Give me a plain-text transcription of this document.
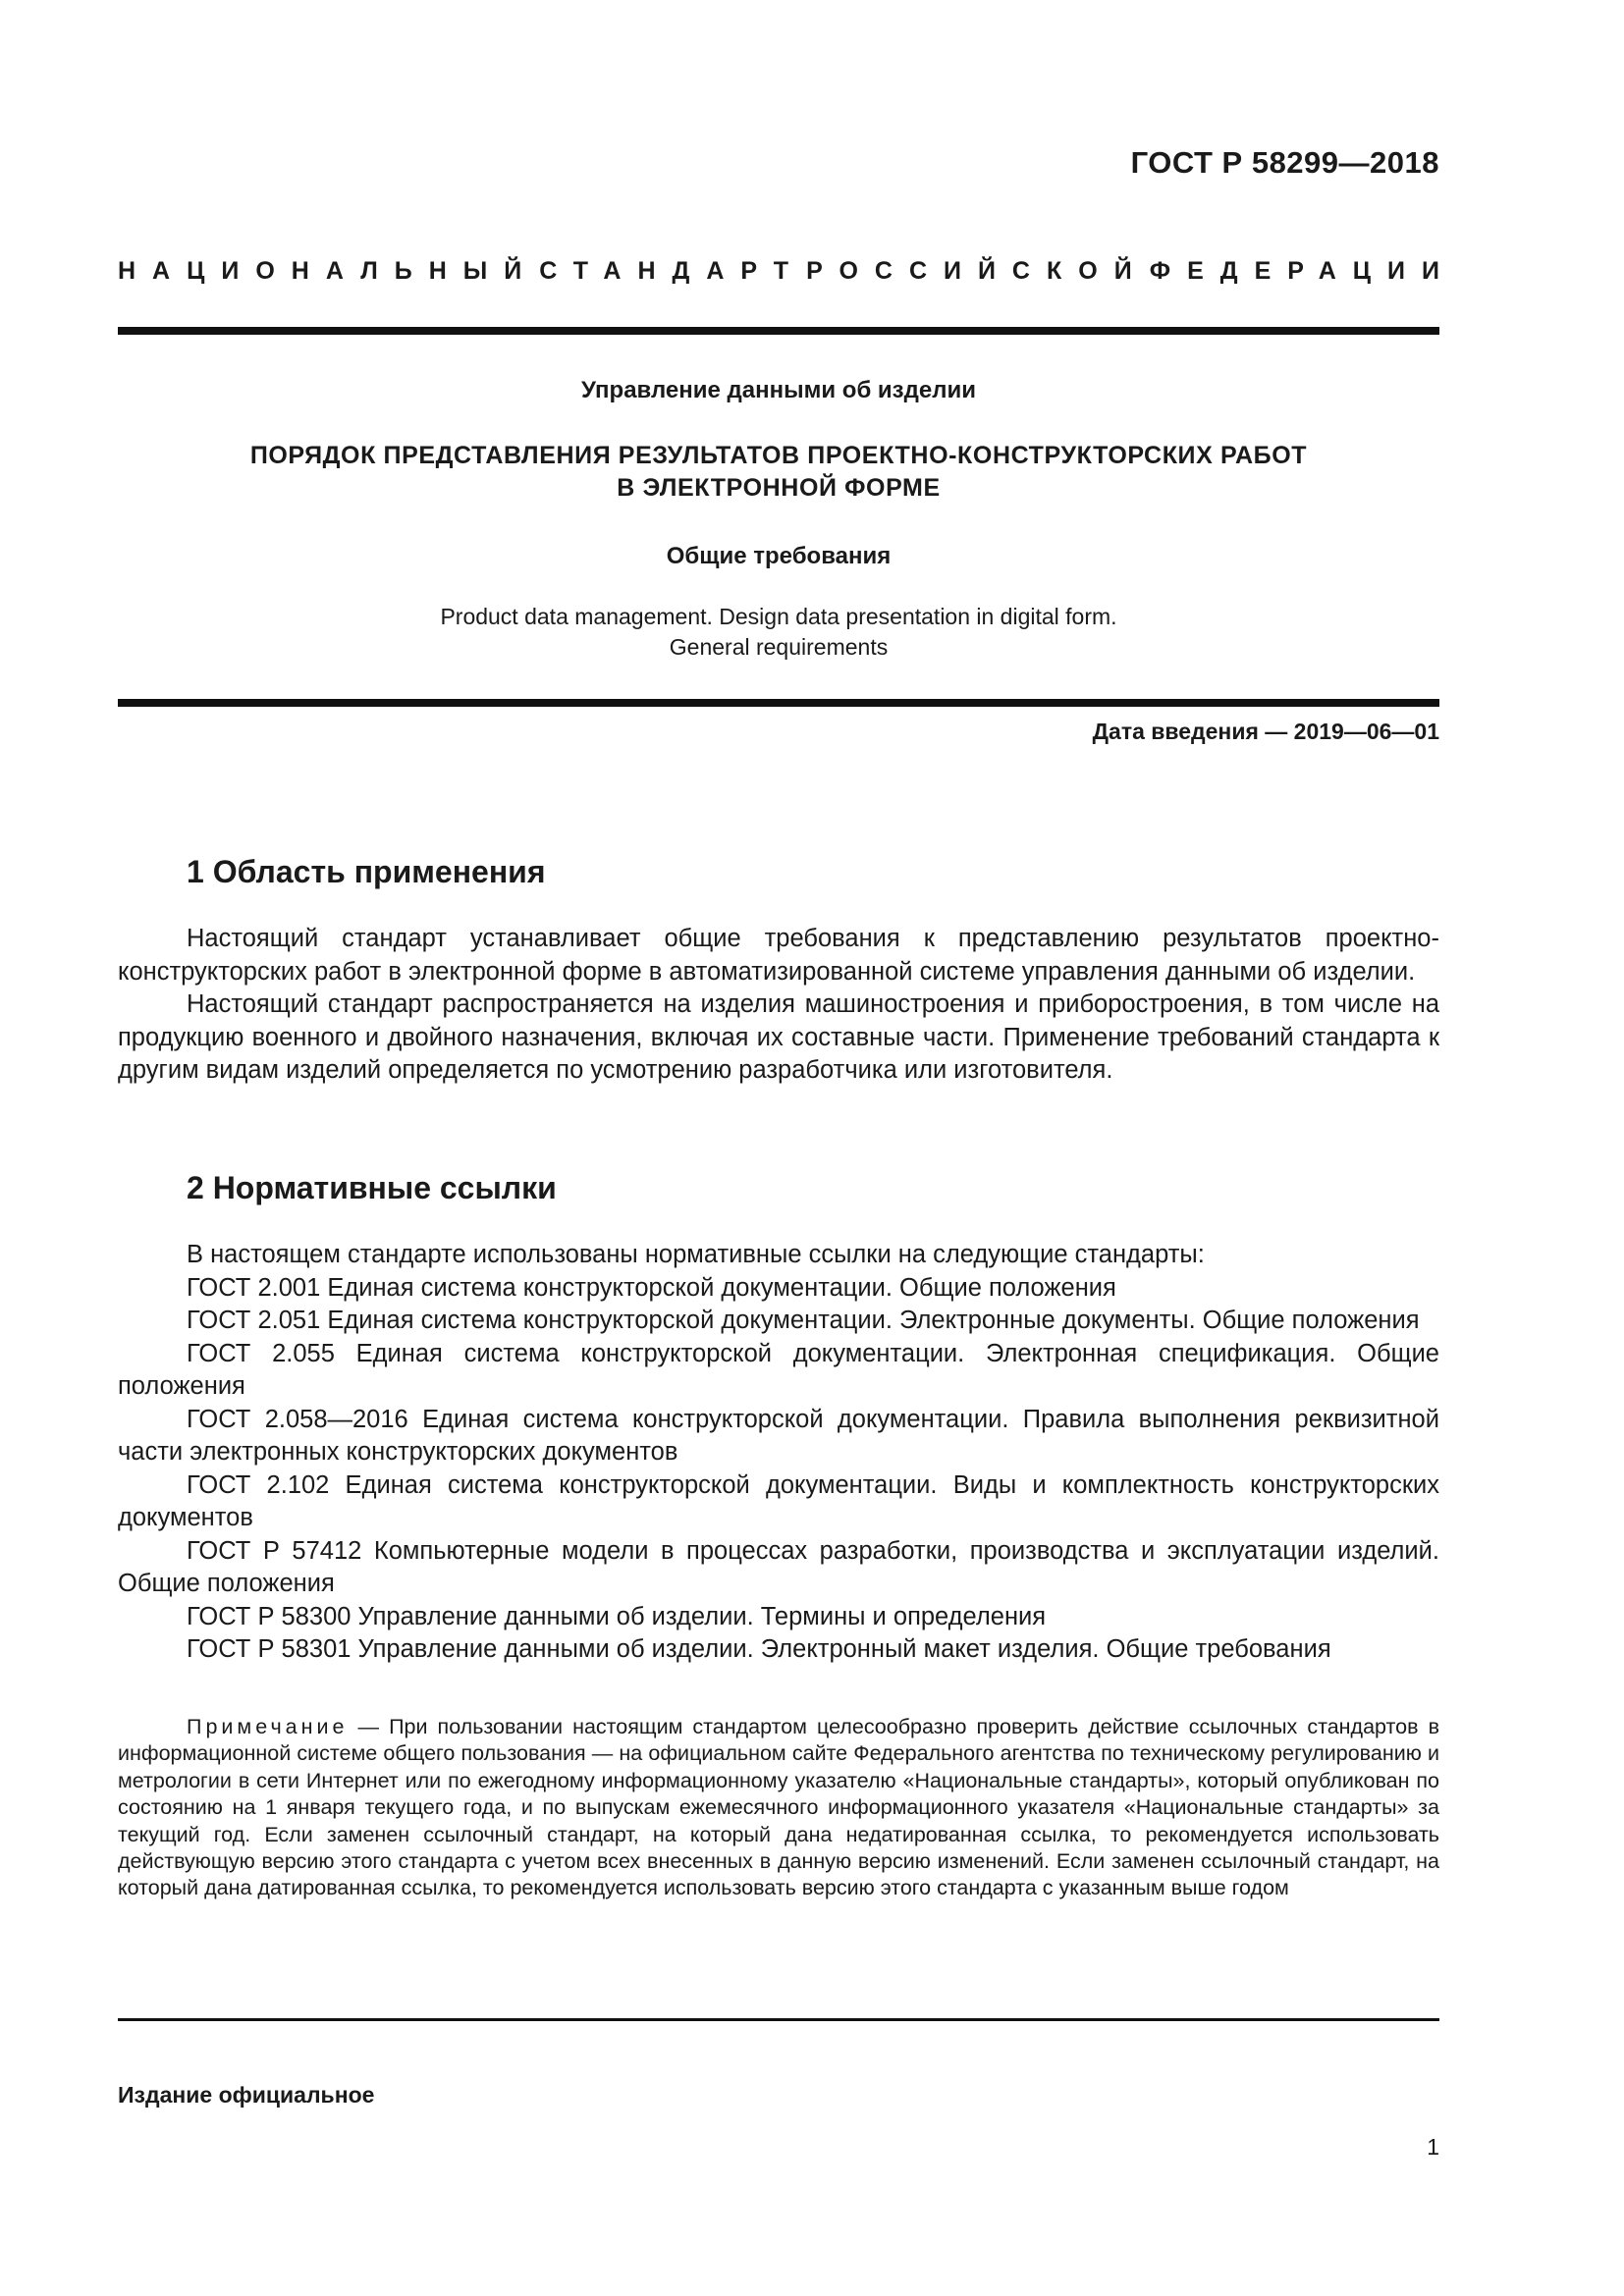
ГОСТ Р 58299—2018
НАЦИОНАЛЬНЫЙ СТАНДАРТ РОССИЙСКОЙ ФЕДЕРАЦИИ
Управление данными об изделии
ПОРЯДОК ПРЕДСТАВЛЕНИЯ РЕЗУЛЬТАТОВ ПРОЕКТНО-КОНСТРУКТОРСКИХ РАБОТ
В ЭЛЕКТРОННОЙ ФОРМЕ
Общие требования
Product data management. Design data presentation in digital form.
General requirements
Дата введения — 2019—06—01
1 Область применения

Настоящий стандарт устанавливает общие требования к представлению результатов проектно-конструкторских работ в электронной форме в автоматизированной системе управления данными об изделии.

Настоящий стандарт распространяется на изделия машиностроения и приборостроения, в том числе на продукцию военного и двойного назначения, включая их составные части. Применение требований стандарта к другим видам изделий определяется по усмотрению разработчика или изготовителя.

2 Нормативные ссылки

В настоящем стандарте использованы нормативные ссылки на следующие стандарты:

ГОСТ 2.001 Единая система конструкторской документации. Общие положения

ГОСТ 2.051 Единая система конструкторской документации. Электронные документы. Общие положения

ГОСТ 2.055 Единая система конструкторской документации. Электронная спецификация. Общие положения

ГОСТ 2.058—2016 Единая система конструкторской документации. Правила выполнения реквизитной части электронных конструкторских документов

ГОСТ 2.102 Единая система конструкторской документации. Виды и комплектность конструкторских документов

ГОСТ Р 57412 Компьютерные модели в процессах разработки, производства и эксплуатации изделий. Общие положения

ГОСТ Р 58300 Управление данными об изделии. Термины и определения

ГОСТ Р 58301 Управление данными об изделии. Электронный макет изделия. Общие требования

Примечание — При пользовании настоящим стандартом целесообразно проверить действие ссылочных стандартов в информационной системе общего пользования — на официальном сайте Федерального агентства по техническому регулированию и метрологии в сети Интернет или по ежегодному информационному указателю «Национальные стандарты», который опубликован по состоянию на 1 января текущего года, и по выпускам ежемесячного информационного указателя «Национальные стандарты» за текущий год. Если заменен ссылочный стандарт, на который дана недатированная ссылка, то рекомендуется использовать действующую версию этого стандарта с учетом всех внесенных в данную версию изменений. Если заменен ссылочный стандарт, на который дана датированная ссылка, то рекомендуется использовать версию этого стандарта с указанным выше годом

Издание официальное
1
